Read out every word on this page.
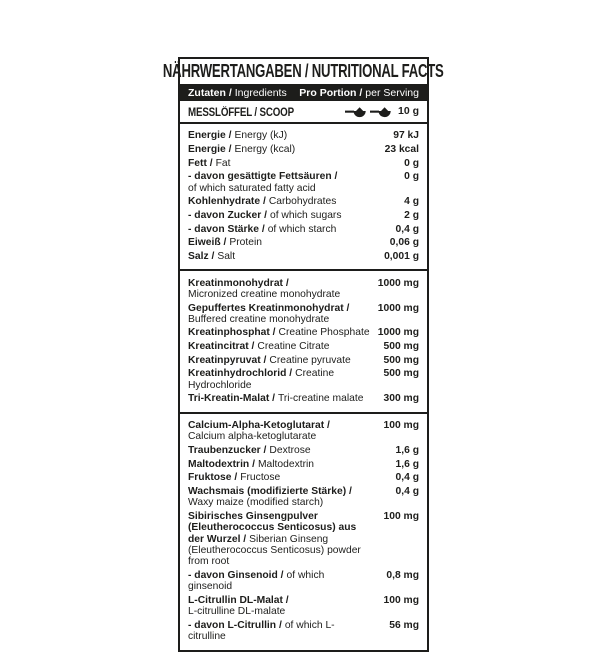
NÄHRWERTANGABEN / NUTRITIONAL FACTS
Zutaten / Ingredients Pro Portion / per Serving
MESSLÖFFEL / SCOOP	10 g
Energie / Energy (kJ)	97 kJ
Energie / Energy (kcal)	23 kcal
Fett / Fat	0 g
- davon gesättigte Fettsäuren /
of which saturated fatty acid
0 g
Kohlenhydrate / Carbohydrates	4 g
- davon Zucker / of which sugars	2 g
- davon Stärke / of which starch	0,4 g
Eiweiß / Protein	0,06 g
Salz / Salt	0,001 g
Kreatinmonohydrat /
Micronized creatine monohydrate
1000 mg
Gepuffertes Kreatinmonohydrat /
Buffered creatine monohydrate
1000 mg
Kreatinphosphat / Creatine Phosphate 1000 mg
Kreatincitrat / Creatine Citrate	500 mg
Kreatinpyruvat / Creatine pyruvate	500 mg
Kreatinhydrochlorid / Creatine Hydrochloride
500 mg
Tri-Kreatin-Malat / Tri-creatine malate	300 mg
Calcium-Alpha-Ketoglutarat /
Calcium alpha-ketoglutarate
100 mg
Traubenzucker / Dextrose	1,6 g
Maltodextrin / Maltodextrin	1,6 g
Fruktose / Fructose	0,4 g
Wachsmais (modifizierte Stärke) /
Waxy maize (modified starch)
0,4 g
Sibirisches Ginsengpulver (Eleutherococcus Senticosus) aus der Wurzel / Siberian Ginseng (Eleutherococcus Senticosus) powder from root
100 mg
- davon Ginsenoid / of which ginsenoid
0,8 mg
L-Citrullin DL-Malat /
L-citrulline DL-malate
100 mg
- davon L-Citrullin / of which L-citrulline
56 mg
